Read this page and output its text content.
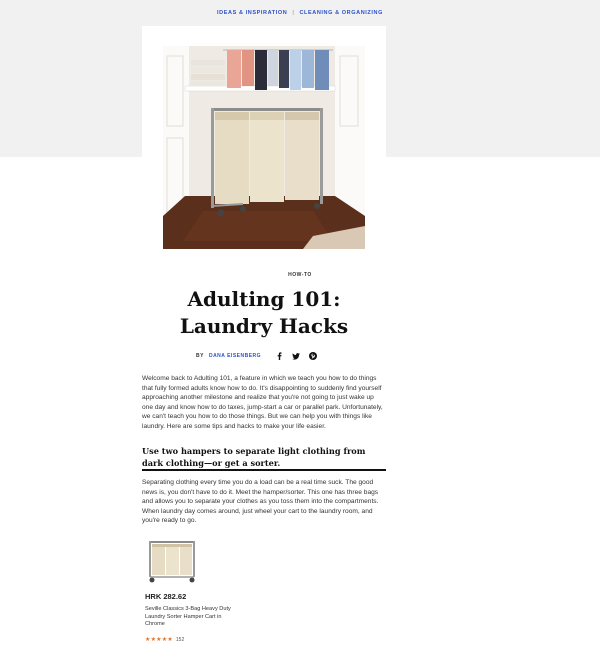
IDEAS & INSPIRATION | CLEANING & ORGANIZING
HOW-TO
Adulting 101: Laundry Hacks
BY DANA EISENBERG

Welcome back to Adulting 101, a feature in which we teach you how to do things that fully formed adults know how to do. It's disappointing to suddenly find yourself approaching another milestone and realize that you're not going to just wake up one day and know how to do taxes, jump-start a car or parallel park. Unfortunately, we can't teach you how to do those things. But we can help you with things like laundry. Here are some tips and hacks to make your life easier.

Use two hampers to separate light clothing from dark clothing—or get a sorter.

Separating clothing every time you do a load can be a real time suck. The good news is, you don't have to do it. Meet the hamper/sorter. This one has three bags and allows you to separate your clothes as you toss them into the compartments. When laundry day comes around, just wheel your cart to the laundry room, and you're ready to go.

HRK 282.62
Seville Classics 3-Bag Heavy Duty Laundry Sorter Hamper Cart in Chrome
★★★★★ 152
